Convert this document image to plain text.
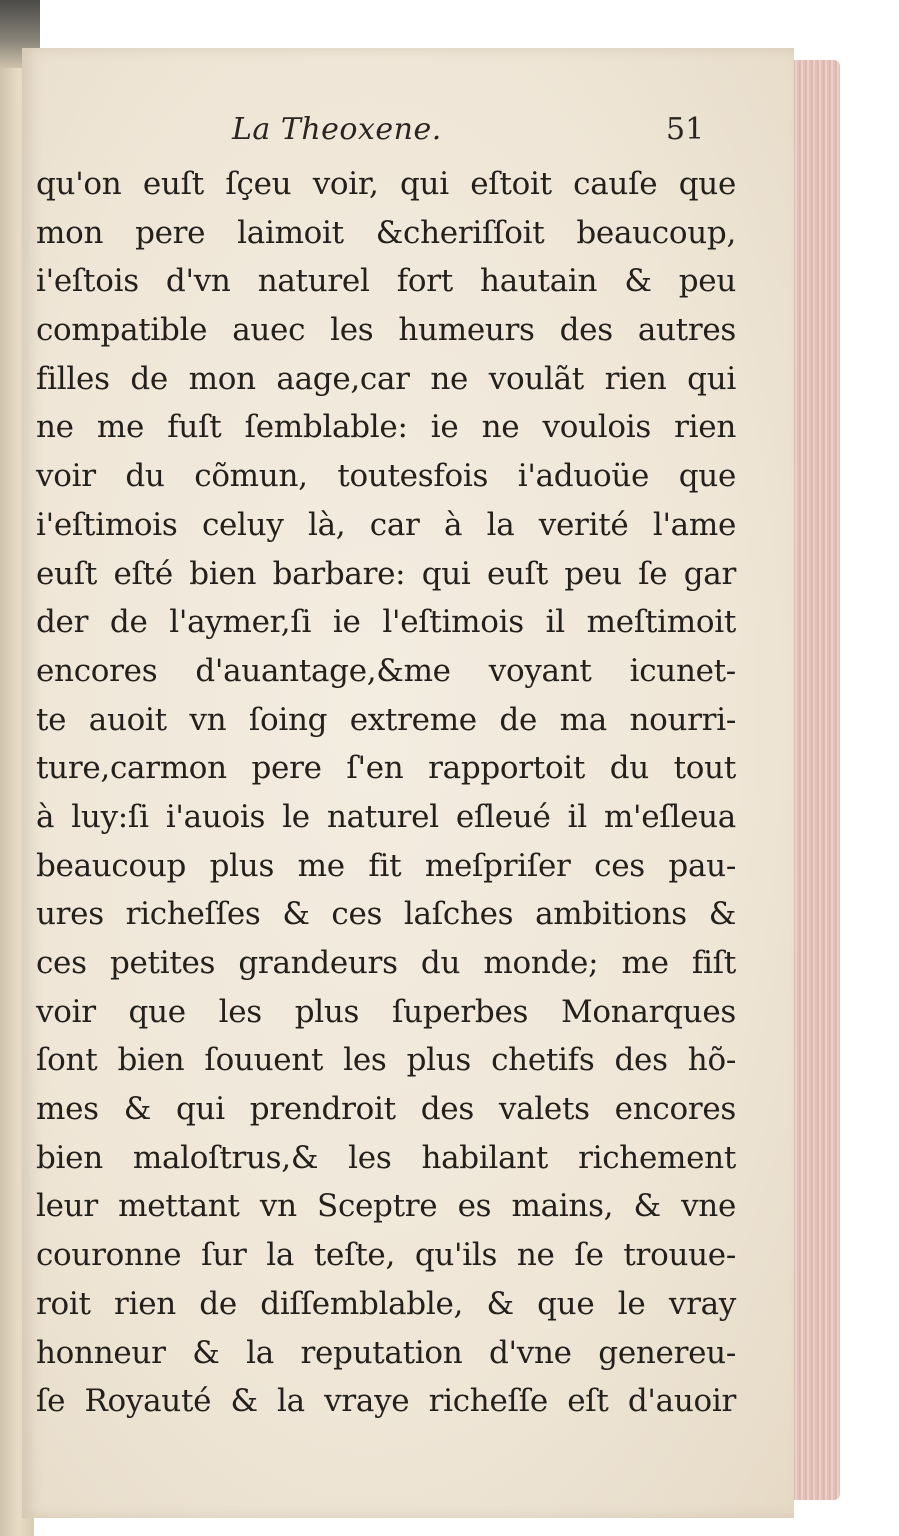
La Theoxene.	51
qu'on euſt ſçeu voir, qui eſtoit cauſe que
mon pere laimoit &cheriſſoit beaucoup,
i'eſtois d'vn naturel fort hautain & peu
compatible auec les humeurs des autres
filles de mon aage,car ne voulãt rien qui
ne me fuſt ſemblable: ie ne voulois rien
voir du cõmun, toutesfois i'aduoüe que
i'eſtimois celuy là, car à la verité l'ame
euſt eſté bien barbare: qui euſt peu ſe gar
der de l'aymer,ſi ie l'eſtimois il meſtimoit
encores d'auantage,&me voyant icunet-
te auoit vn ſoing extreme de ma nourri-
ture,carmon pere ſ'en rapportoit du tout
à luy:ſi i'auois le naturel eſleué il m'eſleua
beaucoup plus me fit meſpriſer ces pau-
ures richeſſes & ces laſches ambitions &
ces petites grandeurs du monde; me fiſt
voir que les plus ſuperbes Monarques
ſont bien ſouuent les plus chetifs des hõ-
mes & qui prendroit des valets encores
bien maloſtrus,& les habilant richement
leur mettant vn Sceptre es mains, & vne
couronne ſur la teſte, qu'ils ne ſe trouue-
roit rien de diſſemblable, & que le vray
honneur & la reputation d'vne genereu-
ſe Royauté & la vraye richeſſe eſt d'auoir
